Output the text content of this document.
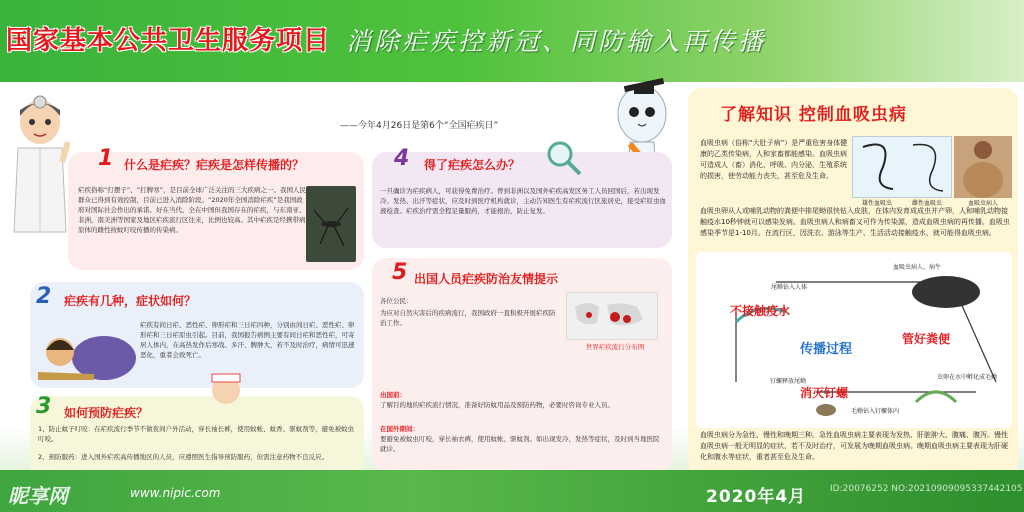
国家基本公共卫生服务项目 消除疟疾控新冠、同防输入再传播
——今年4月26日是第6个“全国疟疾日”
1 什么是疟疾？疟疾是怎样传播的？
疟疾俗称“打摆子”、“打脾寒”，是目前全球广泛关注的三大疾病之一。我国人民群众已得到有效控制，目前已进入消除阶段。“2020年全国消除疟疾”是我国政府对国际社会作出的承诺。好在当代，全在中国但我国存在的疟疾，与东南亚、非洲，南美洲等国家及地区疟疾流行区往来，比例也较高。其中疟疾是经携带病原体的雌性按蚊叮咬传播的传染病。
2 疟疾有几种，症状如何？
疟疾有间日疟、恶性疟、卵形疟和三日疟四种，分别由间日疟、恶性疟、卵形疟和三日疟原虫引起。目前，我国报告病例主要有间日疟和恶性疟，可寄居人体内，在高热发作后寒战、多汗、脾肿大，若不及时治疗，病情可迅速恶化，重者会致死亡。
3 如何预防疟疾？
1、防止蚊子叮咬：在疟疾流行季节不做夜间户外活动，穿长袖长裤，使用蚊帐、蚊香、驱蚊剂等，避免被蚊虫叮咬。
2、预防服药：进入国外疟疾高传播地区的人员，应遵照医生指导预防服药，但需注意药物不良反应。
4 得了疟疾怎么办？
一旦确诊为疟疾病人，可获得免费治疗。曾到非洲以及国外疟疾高发区务工人员回国后，若出现发冷、发热、出汗等症状，应及时到医疗机构就诊，主动告知医生有疟疾流行区旅居史，接受疟原虫血液检查。疟疾治疗需全程足量服药，才能根治，防止复发。
5 出国人员疟疾防治友情提示
世界疟疾流行分布图
各位公民：
为应对自然灾害后的疾病流行，我国政府一直积极开展疟疾防治工作。
出国前：
了解目的地的疟疾流行情况，准备好防蚊用品及预防药物，必要时咨询专业人员。
在国外期间：
要避免被蚊虫叮咬，穿长袖衣裤，使用蚊帐、驱蚊剂。如出现发冷、发热等症状，及时到当地医院就诊。
了解知识 控制血吸虫病
血吸虫病（俗称“大肚子病”）是严重危害身体健康的乙类传染病，人和家畜都能感染。血吸虫病可造成人（畜）消化、呼吸、内分泌、生殖系统的损害，使劳动能力丧失，甚至危及生命。
雄性血吸虫	雌性血吸虫	血吸虫病人
血吸虫卵从人或哺乳动物的粪便中排尾蚴很快钻入皮肤，在体内发育成成虫并产卵，人和哺乳动物接触疫水10秒钟就可以感染发病。血吸虫病人和病畜又可作为传染源，造成血吸虫病的再传播。血吸虫感染季节是1-10月。在流行区，因洗衣、游泳等生产、生活活动接触疫水，就可能得血吸虫病。
不接触疫水
传播过程
管好粪便
消灭钉螺
血吸虫病人、病牛
尾蚴钻入人体
虫卵在水中孵化成毛蚴
毛蚴钻入钉螺体内
钉螺释放尾蚴
血吸虫病分为急性、慢性和晚期三种。急性血吸虫病主要表现为发热、肝脏肿大、腹痛、腹泻。慢性血吸虫病一般无明显的症状，若不及时治疗，可发展为晚期血吸虫病。晚期血吸虫病主要表现为肝硬化和腹水等症状，重者甚至危及生命。
昵享网	www.nipic.com	2020年4月	ID:20076252 NO:20210909095337442105
